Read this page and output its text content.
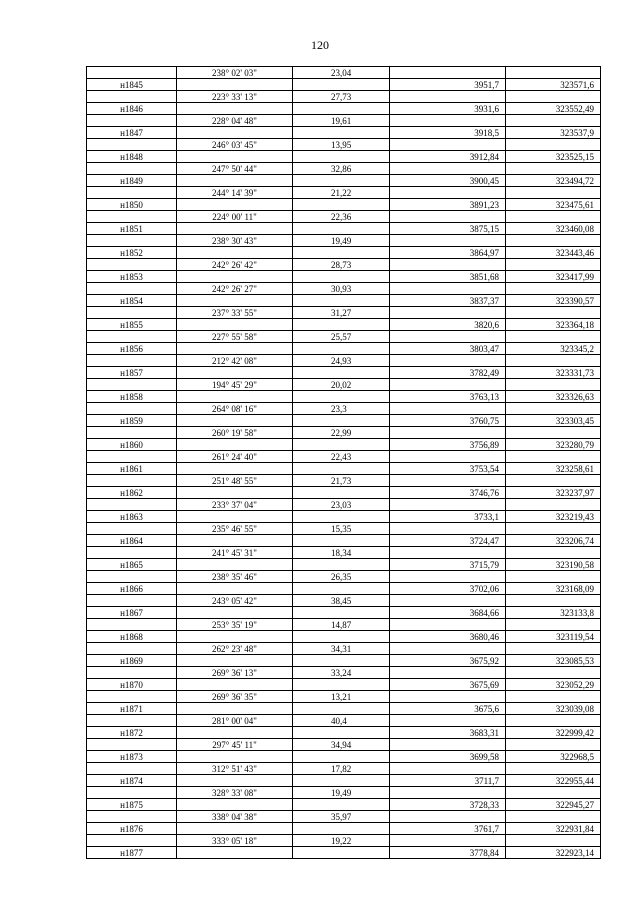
120
	238° 02' 03"	23,04		
н1845			3951,7	323571,6
	223° 33' 13"	27,73		
н1846			3931,6	323552,49
	228° 04' 48"	19,61		
н1847			3918,5	323537,9
	246° 03' 45"	13,95		
н1848			3912,84	323525,15
	247° 50' 44"	32,86		
н1849			3900,45	323494,72
	244° 14' 39"	21,22		
н1850			3891,23	323475,61
	224° 00' 11"	22,36		
н1851			3875,15	323460,08
	238° 30' 43"	19,49		
н1852			3864,97	323443,46
	242° 26' 42"	28,73		
н1853			3851,68	323417,99
	242° 26' 27"	30,93		
н1854			3837,37	323390,57
	237° 33' 55"	31,27		
н1855			3820,6	323364,18
	227° 55' 58"	25,57		
н1856			3803,47	323345,2
	212° 42' 08"	24,93		
н1857			3782,49	323331,73
	194° 45' 29"	20,02		
н1858			3763,13	323326,63
	264° 08' 16"	23,3		
н1859			3760,75	323303,45
	260° 19' 58"	22,99		
н1860			3756,89	323280,79
	261° 24' 40"	22,43		
н1861			3753,54	323258,61
	251° 48' 55"	21,73		
н1862			3746,76	323237,97
	233° 37' 04"	23,03		
н1863			3733,1	323219,43
	235° 46' 55"	15,35		
н1864			3724,47	323206,74
	241° 45' 31"	18,34		
н1865			3715,79	323190,58
	238° 35' 46"	26,35		
н1866			3702,06	323168,09
	243° 05' 42"	38,45		
н1867			3684,66	323133,8
	253° 35' 19"	14,87		
н1868			3680,46	323119,54
	262° 23' 48"	34,31		
н1869			3675,92	323085,53
	269° 36' 13"	33,24		
н1870			3675,69	323052,29
	269° 36' 35"	13,21		
н1871			3675,6	323039,08
	281° 00' 04"	40,4		
н1872			3683,31	322999,42
	297° 45' 11"	34,94		
н1873			3699,58	322968,5
	312° 51' 43"	17,82		
н1874			3711,7	322955,44
	328° 33' 08"	19,49		
н1875			3728,33	322945,27
	338° 04' 38"	35,97		
н1876			3761,7	322931,84
	333° 05' 18"	19,22		
н1877			3778,84	322923,14
